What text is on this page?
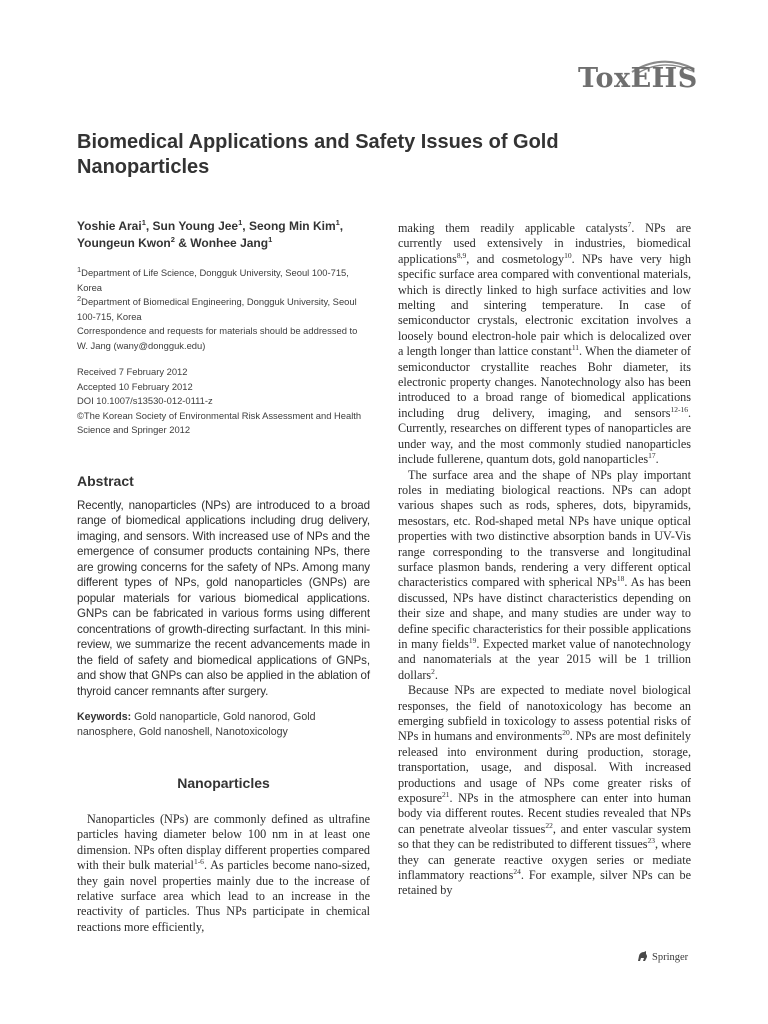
ToxEHS
Biomedical Applications and Safety Issues of Gold Nanoparticles

Yoshie Arai$^1$, Sun Young Jee$^1$, Seong Min Kim$^1$,
Youngeun Kwon$^2$ & Wonhee Jang$^1$

$^1$Department of Life Science, Dongguk University, Seoul 100-715, Korea

$^2$Department of Biomedical Engineering, Dongguk University, Seoul 100-715, Korea

Correspondence and requests for materials should be addressed to W. Jang (wany@dongguk.edu)

Received 7 February 2012

Accepted 10 February 2012

DOI 10.1007/s13530-012-0111-z

©The Korean Society of Environmental Risk Assessment and Health Science and Springer 2012

Abstract

Recently, nanoparticles (NPs) are introduced to a broad range of biomedical applications including drug delivery, imaging, and sensors. With increased use of NPs and the emergence of consumer products containing NPs, there are growing concerns for the safety of NPs. Among many different types of NPs, gold nanoparticles (GNPs) are popular materials for various biomedical applications. GNPs can be fabricated in various forms using different concentrations of growth-directing surfactant. In this mini-review, we summarize the recent advancements made in the field of safety and biomedical applications of GNPs, and show that GNPs can also be applied in the ablation of thyroid cancer remnants after surgery.

Keywords: Gold nanoparticle, Gold nanorod, Gold nanosphere, Gold nanoshell, Nanotoxicology

Nanoparticles

Nanoparticles (NPs) are commonly defined as ultrafine particles having diameter below 100 nm in at least one dimension. NPs often display different properties compared with their bulk material$^{1-6}$. As particles become nano-sized, they gain novel properties mainly due to the increase of relative surface area which lead to an increase in the reactivity of particles. Thus NPs participate in chemical reactions more efficiently,

making them readily applicable catalysts$^7$. NPs are currently used extensively in industries, biomedical applications$^{8,9}$, and cosmetology$^{10}$. NPs have very high specific surface area compared with conventional materials, which is directly linked to high surface activities and low melting and sintering temperature. In case of semiconductor crystals, electronic excitation involves a loosely bound electron-hole pair which is delocalized over a length longer than lattice constant$^{11}$. When the diameter of semiconductor crystallite reaches Bohr diameter, its electronic property changes. Nanotechnology also has been introduced to a broad range of biomedical applications including drug delivery, imaging, and sensors$^{12-16}$. Currently, researches on different types of nanoparticles are under way, and the most commonly studied nanoparticles include fullerene, quantum dots, gold nanoparticles$^{17}$.

The surface area and the shape of NPs play important roles in mediating biological reactions. NPs can adopt various shapes such as rods, spheres, dots, bipyramids, mesostars, etc. Rod-shaped metal NPs have unique optical properties with two distinctive absorption bands in UV-Vis range corresponding to the transverse and longitudinal surface plasmon bands, rendering a very different optical characteristics compared with spherical NPs$^{18}$. As has been discussed, NPs have distinct characteristics depending on their size and shape, and many studies are under way to define specific characteristics for their possible applications in many fields$^{19}$. Expected market value of nanotechnology and nanomaterials at the year 2015 will be 1 trillion dollars$^2$.

Because NPs are expected to mediate novel biological responses, the field of nanotoxicology has become an emerging subfield in toxicology to assess potential risks of NPs in humans and environments$^{20}$. NPs are most definitely released into environment during production, storage, transportation, usage, and disposal. With increased productions and usage of NPs come greater risks of exposure$^{21}$. NPs in the atmosphere can enter into human body via different routes. Recent studies revealed that NPs can penetrate alveolar tissues$^{22}$, and enter vascular system so that they can be redistributed to different tissues$^{23}$, where they can generate reactive oxygen series or mediate inflammatory reactions$^{24}$. For example, silver NPs can be retained by

Springer
